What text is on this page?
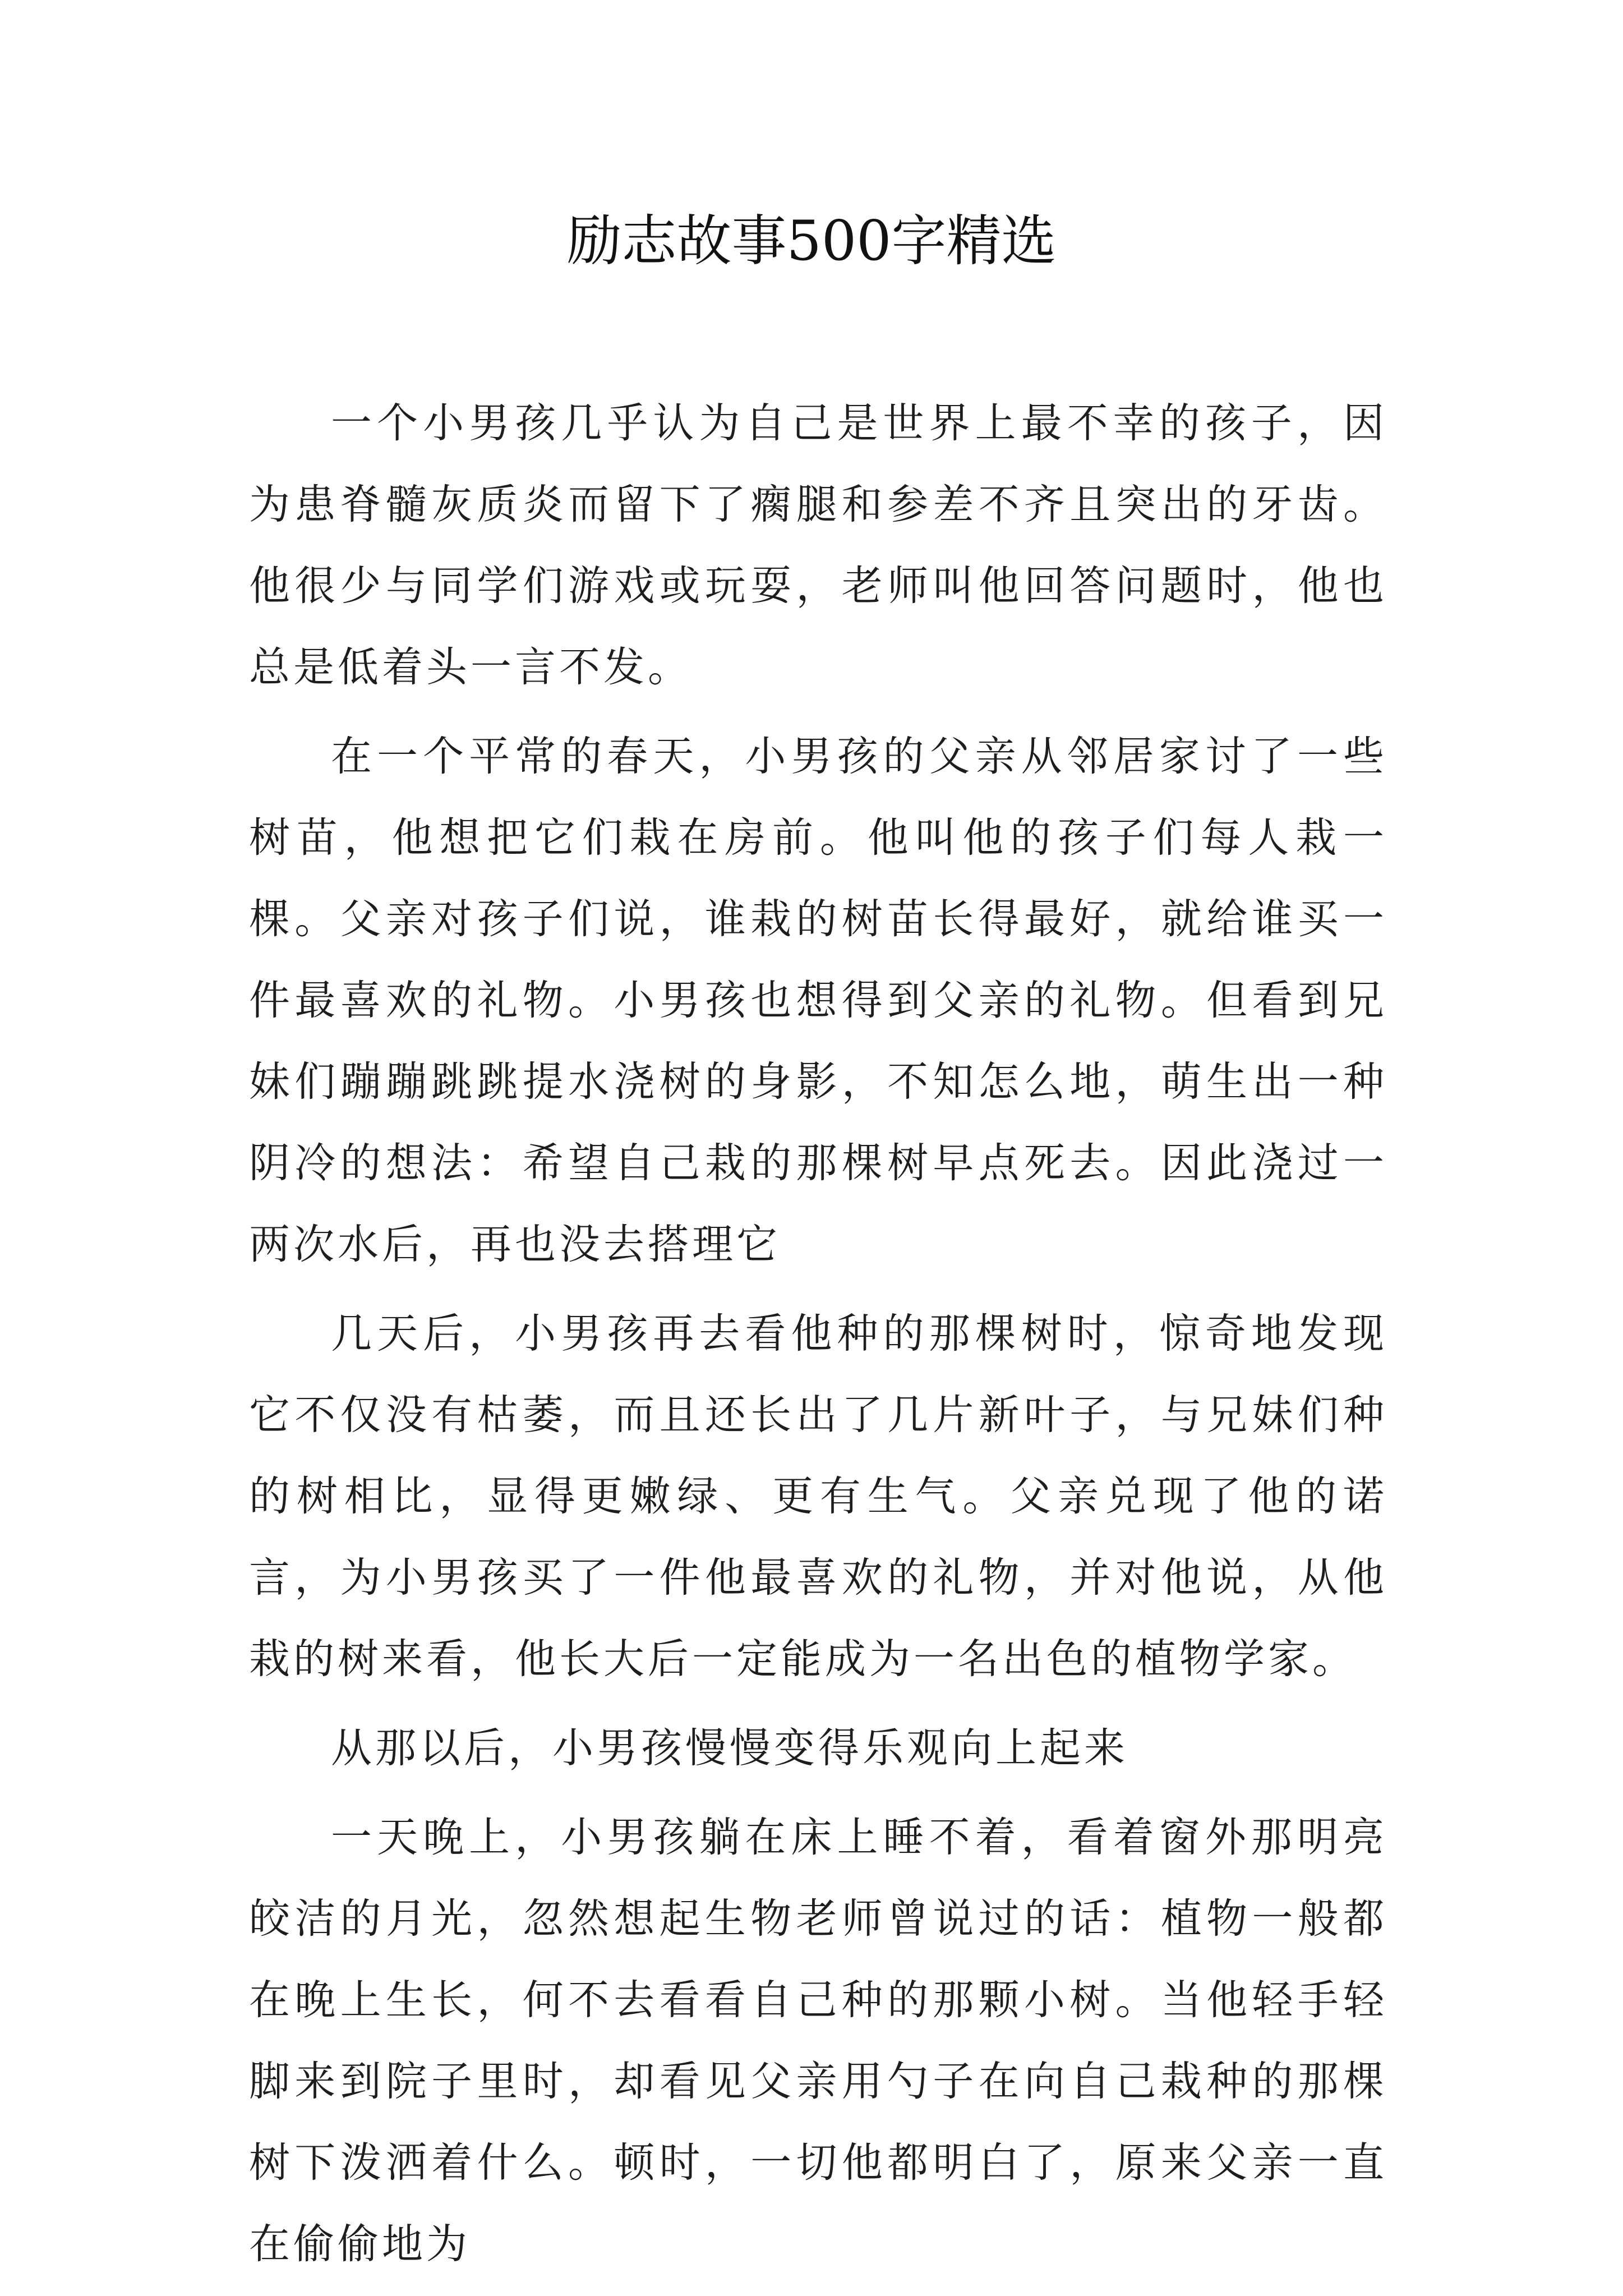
励志故事500字精选

一个小男孩几乎认为自己是世界上最不幸的孩子，因为患脊髓灰质炎而留下了瘸腿和参差不齐且突出的牙齿。他很少与同学们游戏或玩耍，老师叫他回答问题时，他也总是低着头一言不发。

在一个平常的春天，小男孩的父亲从邻居家讨了一些树苗，他想把它们栽在房前。他叫他的孩子们每人栽一棵。父亲对孩子们说，谁栽的树苗长得最好，就给谁买一件最喜欢的礼物。小男孩也想得到父亲的礼物。但看到兄妹们蹦蹦跳跳提水浇树的身影，不知怎么地，萌生出一种阴冷的想法：希望自己栽的那棵树早点死去。因此浇过一两次水后，再也没去搭理它

几天后，小男孩再去看他种的那棵树时，惊奇地发现它不仅没有枯萎，而且还长出了几片新叶子，与兄妹们种的树相比，显得更嫩绿、更有生气。父亲兑现了他的诺言，为小男孩买了一件他最喜欢的礼物，并对他说，从他栽的树来看，他长大后一定能成为一名出色的植物学家。

从那以后，小男孩慢慢变得乐观向上起来

一天晚上，小男孩躺在床上睡不着，看着窗外那明亮皎洁的月光，忽然想起生物老师曾说过的话：植物一般都在晚上生长，何不去看看自己种的那颗小树。当他轻手轻脚来到院子里时，却看见父亲用勺子在向自己栽种的那棵树下泼洒着什么。顿时，一切他都明白了，原来父亲一直在偷偷地为
